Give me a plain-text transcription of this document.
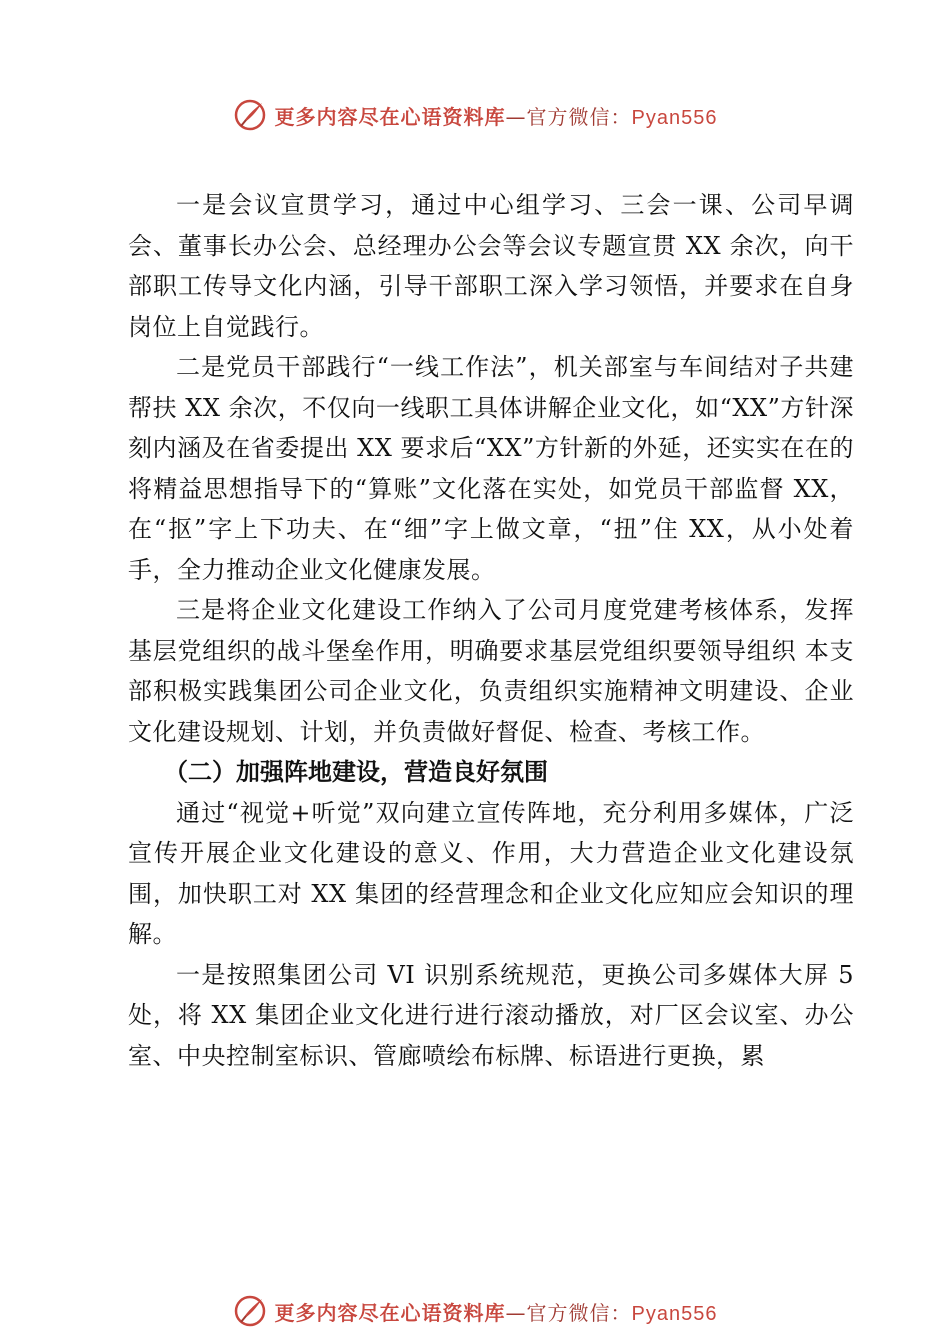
更多内容尽在心语资料库—官方微信：Pyan556

一是会议宣贯学习，通过中心组学习、三会一课、公司早调会、董事长办公会、总经理办公会等会议专题宣贯 XX 余次，向干部职工传导文化内涵，引导干部职工深入学习领悟，并要求在自身岗位上自觉践行。

二是党员干部践行“一线工作法”，机关部室与车间结对子共建帮扶 XX 余次，不仅向一线职工具体讲解企业文化，如“XX”方针深刻内涵及在省委提出 XX 要求后“XX”方针新的外延，还实实在在的将精益思想指导下的“算账”文化落在实处，如党员干部监督 XX，在“抠”字上下功夫、在“细”字上做文章，“扭”住 XX，从小处着手，全力推动企业文化健康发展。

三是将企业文化建设工作纳入了公司月度党建考核体系，发挥基层党组织的战斗堡垒作用，明确要求基层党组织要领导组织 本支部积极实践集团公司企业文化，负责组织实施精神文明建设、企业文化建设规划、计划，并负责做好督促、检查、考核工作。

（二）加强阵地建设，营造良好氛围

通过“视觉+听觉”双向建立宣传阵地，充分利用多媒体，广泛宣传开展企业文化建设的意义、作用，大力营造企业文化建设氛围，加快职工对 XX 集团的经营理念和企业文化应知应会知识的理解。

一是按照集团公司 VI 识别系统规范，更换公司多媒体大屏 5 处，将 XX 集团企业文化进行进行滚动播放，对厂区会议室、办公室、中央控制室标识、管廊喷绘布标牌、标语进行更换，累

更多内容尽在心语资料库—官方微信：Pyan556
